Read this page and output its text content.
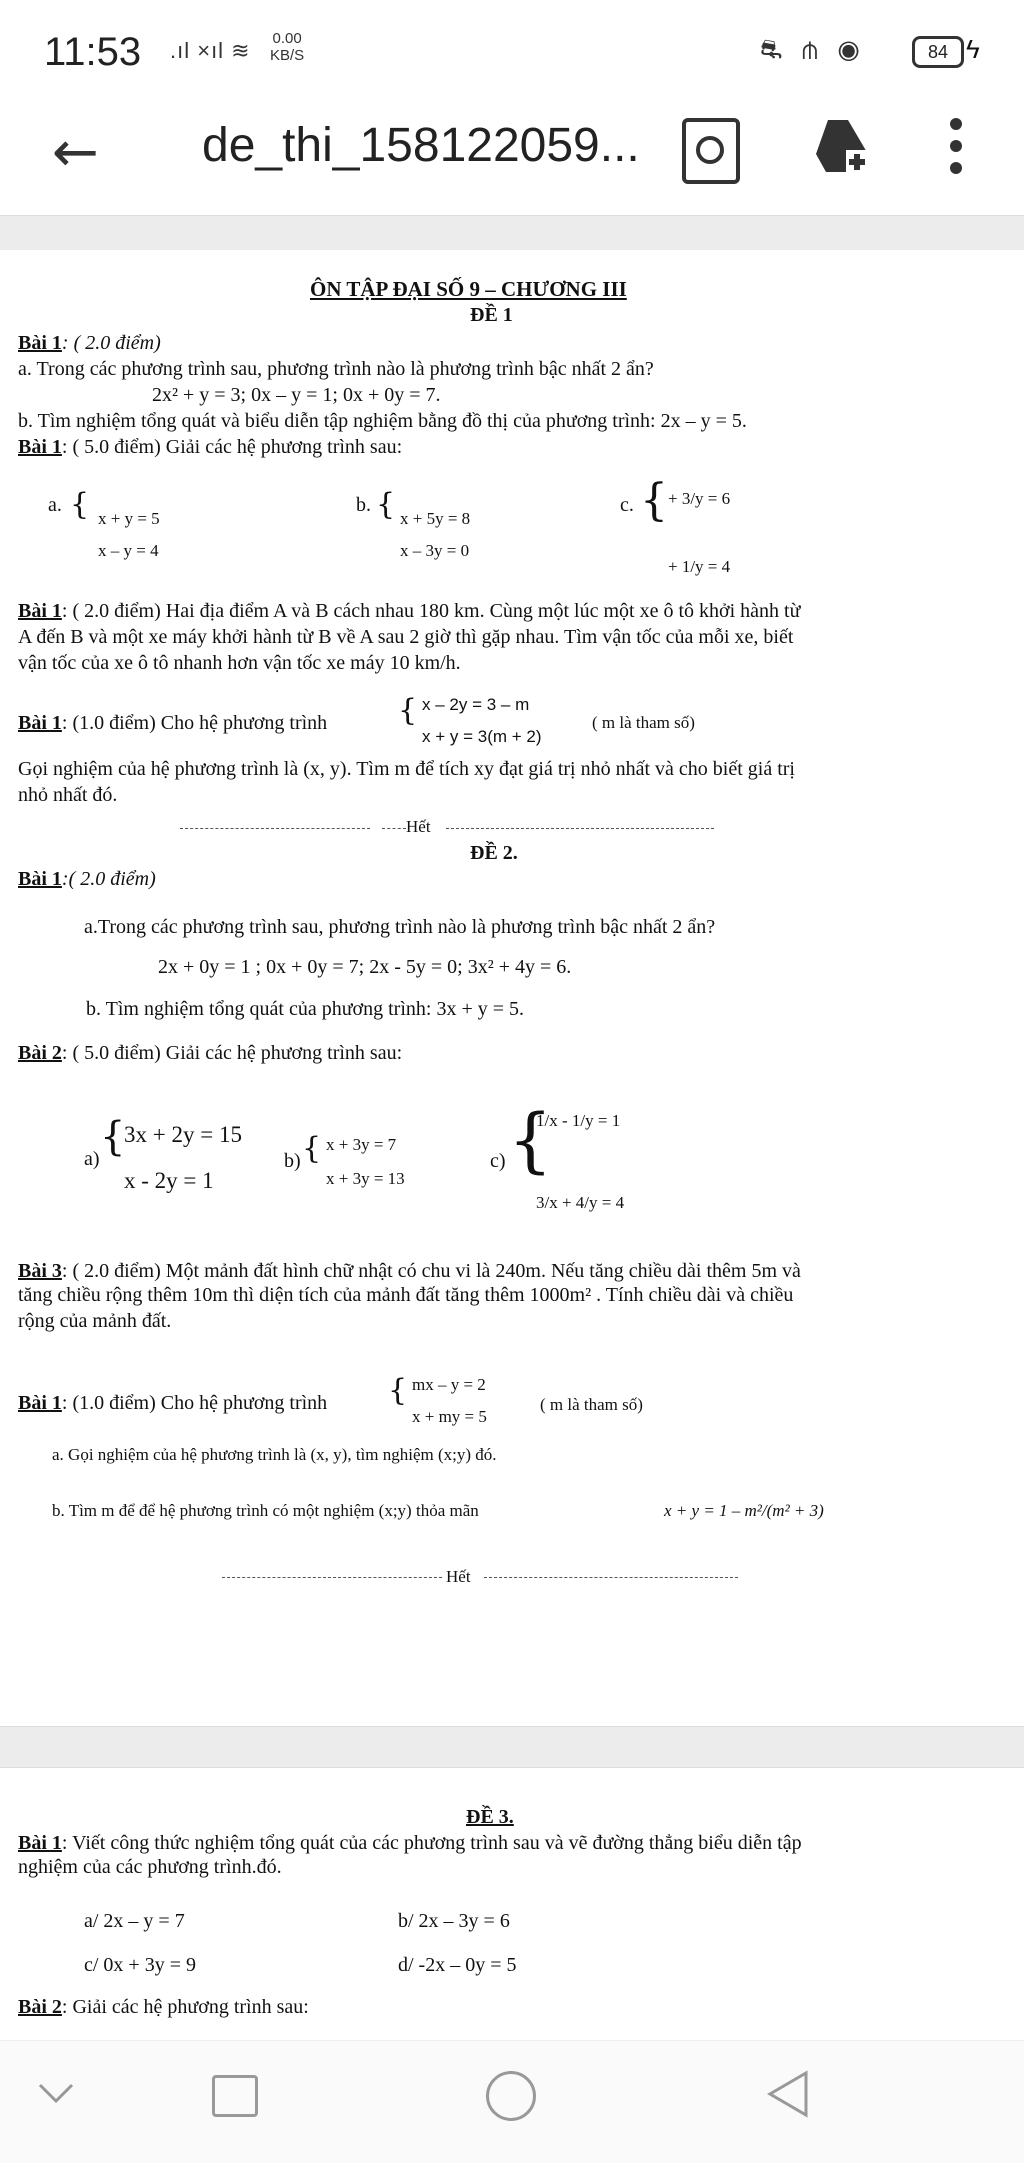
11:53 .ıl ×ıl ≋ 0.00
KB/S	⛐ ⋔ ◉	84 ϟ
← de_thi_158122059...
ÔN TẬP ĐẠI SỐ 9 – CHƯƠNG III
ĐỀ 1
Bài 1: ( 2.0 điểm)
a. Trong các phương trình sau, phương trình nào là phương trình bậc nhất 2 ẩn?
2x² + y = 3; 0x – y = 1; 0x + 0y = 7.
b. Tìm nghiệm tổng quát và biểu diễn tập nghiệm bằng đồ thị của phương trình: 2x – y = 5.
Bài 1: ( 5.0 điểm) Giải các hệ phương trình sau:
a. { x + y = 5
x – y = 4
b. { x + 5y = 8
x – 3y = 0
c. { + 3/y = 6
+ 1/y = 4
Bài 1: ( 2.0 điểm) Hai địa điểm A và B cách nhau 180 km. Cùng một lúc một xe ô tô khởi hành từ
A đến B và một xe máy khởi hành từ B về A sau 2 giờ thì gặp nhau. Tìm vận tốc của mỗi xe, biết
vận tốc của xe ô tô nhanh hơn vận tốc xe máy 10 km/h.
Bài 1: (1.0 điểm) Cho hệ phương trình { x – 2y = 3 – m
x + y = 3(m + 2)
( m là tham số)
Gọi nghiệm của hệ phương trình là (x, y). Tìm m để tích xy đạt giá trị nhỏ nhất và cho biết giá trị
nhỏ nhất đó.
Hết
ĐỀ 2.
Bài 1:( 2.0 điểm)
a.Trong các phương trình sau, phương trình nào là phương trình bậc nhất 2 ẩn?
2x + 0y = 1 ; 0x + 0y = 7; 2x - 5y = 0; 3x² + 4y = 6.
b. Tìm nghiệm tổng quát của phương trình: 3x + y = 5.
Bài 2: ( 5.0 điểm) Giải các hệ phương trình sau:
a) {
3x + 2y = 15
x - 2y = 1
b) { x + 3y = 7
x + 3y = 13
c) {
1/x - 1/y = 1
3/x + 4/y = 4
Bài 3: ( 2.0 điểm) Một mảnh đất hình chữ nhật có chu vi là 240m. Nếu tăng chiều dài thêm 5m và
tăng chiều rộng thêm 10m thì diện tích của mảnh đất tăng thêm 1000m² . Tính chiều dài và chiều
rộng của mảnh đất.
Bài 1: (1.0 điểm) Cho hệ phương trình { mx – y = 2
x + my = 5
( m là tham số)
a. Gọi nghiệm của hệ phương trình là (x, y), tìm nghiệm (x;y) đó.
b. Tìm m để để hệ phương trình có một nghiệm (x;y) thỏa mãn	x + y = 1 – m²/(m² + 3)
Hết
ĐỀ 3.
Bài 1: Viết công thức nghiệm tổng quát của các phương trình sau và vẽ đường thẳng biểu diễn tập
nghiệm của các phương trình.đó.
a/ 2x – y = 7	b/ 2x – 3y = 6
c/ 0x + 3y = 9	d/ -2x – 0y = 5
Bài 2: Giải các hệ phương trình sau:
